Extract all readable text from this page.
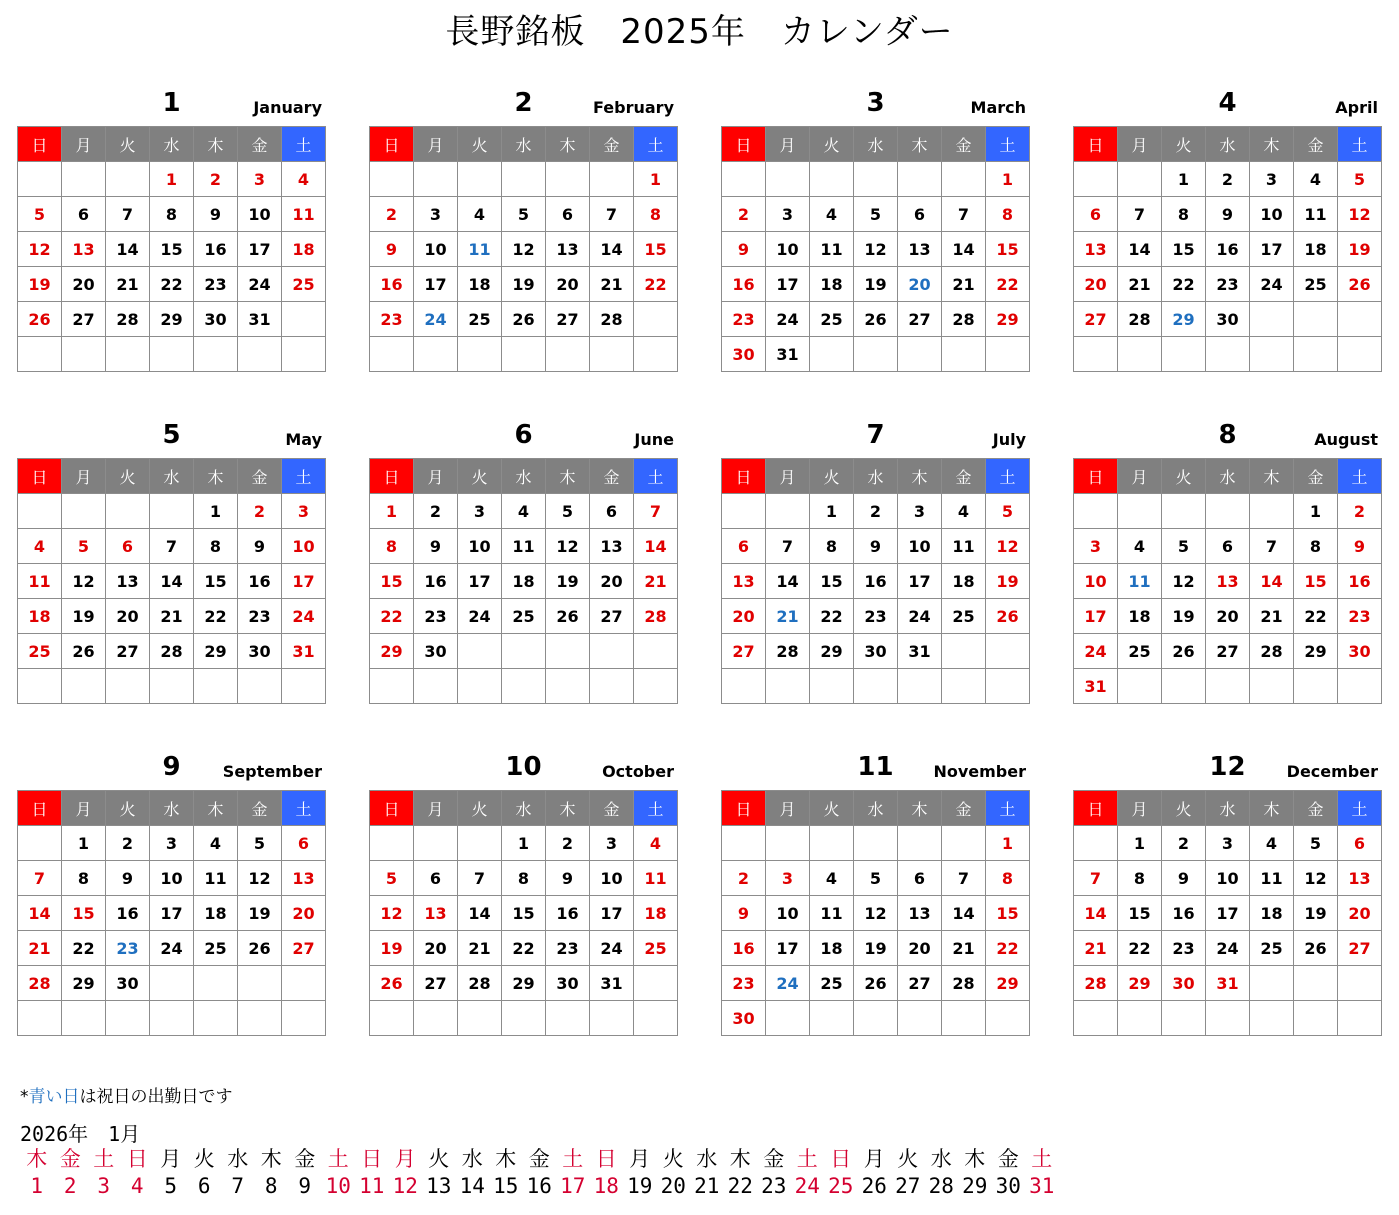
長野銘板　2025年　カレンダー
1	January
日	月	火	水	木	金	土
			1	2	3	4
5	6	7	8	9	10	11
12	13	14	15	16	17	18
19	20	21	22	23	24	25
26	27	28	29	30	31	

2	February
日	月	火	水	木	金	土
						1
2	3	4	5	6	7	8
9	10	11	12	13	14	15
16	17	18	19	20	21	22
23	24	25	26	27	28	

3	March
日	月	火	水	木	金	土
						1
2	3	4	5	6	7	8
9	10	11	12	13	14	15
16	17	18	19	20	21	22
23	24	25	26	27	28	29
30	31					
4	April
日	月	火	水	木	金	土
		1	2	3	4	5
6	7	8	9	10	11	12
13	14	15	16	17	18	19
20	21	22	23	24	25	26
27	28	29	30			

5	May
日	月	火	水	木	金	土
				1	2	3
4	5	6	7	8	9	10
11	12	13	14	15	16	17
18	19	20	21	22	23	24
25	26	27	28	29	30	31

6	June
日	月	火	水	木	金	土
1	2	3	4	5	6	7
8	9	10	11	12	13	14
15	16	17	18	19	20	21
22	23	24	25	26	27	28
29	30					

7	July
日	月	火	水	木	金	土
		1	2	3	4	5
6	7	8	9	10	11	12
13	14	15	16	17	18	19
20	21	22	23	24	25	26
27	28	29	30	31		

8	August
日	月	火	水	木	金	土
					1	2
3	4	5	6	7	8	9
10	11	12	13	14	15	16
17	18	19	20	21	22	23
24	25	26	27	28	29	30
31						
9	September
日	月	火	水	木	金	土
	1	2	3	4	5	6
7	8	9	10	11	12	13
14	15	16	17	18	19	20
21	22	23	24	25	26	27
28	29	30				

10	October
日	月	火	水	木	金	土
			1	2	3	4
5	6	7	8	9	10	11
12	13	14	15	16	17	18
19	20	21	22	23	24	25
26	27	28	29	30	31	

11	November
日	月	火	水	木	金	土
						1
2	3	4	5	6	7	8
9	10	11	12	13	14	15
16	17	18	19	20	21	22
23	24	25	26	27	28	29
30						
12	December
日	月	火	水	木	金	土
	1	2	3	4	5	6
7	8	9	10	11	12	13
14	15	16	17	18	19	20
21	22	23	24	25	26	27
28	29	30	31			

*青い日は祝日の出勤日です
2026年　1月
木 金 土 日 月 火 水 木 金 土 日 月 火 水 木 金 土 日 月 火 水 木 金 土 日 月 火 水 木 金 土
1 2 3 4 5 6 7 8 9 10 11 12 13 14 15 16 17 18 19 20 21 22 23 24 25 26 27 28 29 30 31
